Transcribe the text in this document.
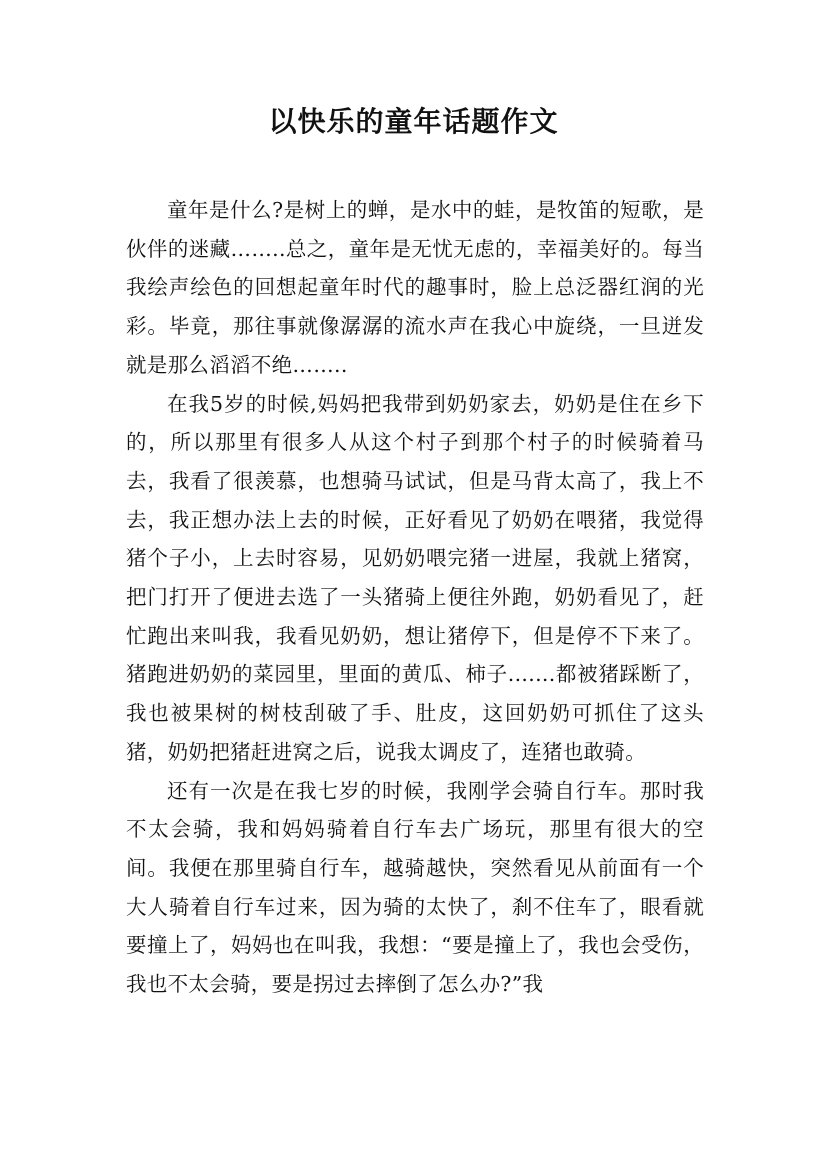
以快乐的童年话题作文

童年是什么?是树上的蝉，是水中的蛙，是牧笛的短歌，是伙伴的迷藏……..总之，童年是无忧无虑的，幸福美好的。每当我绘声绘色的回想起童年时代的趣事时，脸上总泛器红润的光彩。毕竟，那往事就像潺潺的流水声在我心中旋绕，一旦迸发就是那么滔滔不绝……..

在我5岁的时候,妈妈把我带到奶奶家去，奶奶是住在乡下的，所以那里有很多人从这个村子到那个村子的时候骑着马去，我看了很羡慕，也想骑马试试，但是马背太高了，我上不去，我正想办法上去的时候，正好看见了奶奶在喂猪，我觉得猪个子小，上去时容易，见奶奶喂完猪一进屋，我就上猪窝，把门打开了便进去选了一头猪骑上便往外跑，奶奶看见了，赶忙跑出来叫我，我看见奶奶，想让猪停下，但是停不下来了。猪跑进奶奶的菜园里，里面的黄瓜、柿子.......都被猪踩断了，我也被果树的树枝刮破了手、肚皮，这回奶奶可抓住了这头猪，奶奶把猪赶进窝之后，说我太调皮了，连猪也敢骑。

还有一次是在我七岁的时候，我刚学会骑自行车。那时我不太会骑，我和妈妈骑着自行车去广场玩，那里有很大的空间。我便在那里骑自行车，越骑越快，突然看见从前面有一个大人骑着自行车过来，因为骑的太快了，刹不住车了，眼看就要撞上了，妈妈也在叫我，我想：“要是撞上了，我也会受伤，我也不太会骑，要是拐过去摔倒了怎么办?”我
